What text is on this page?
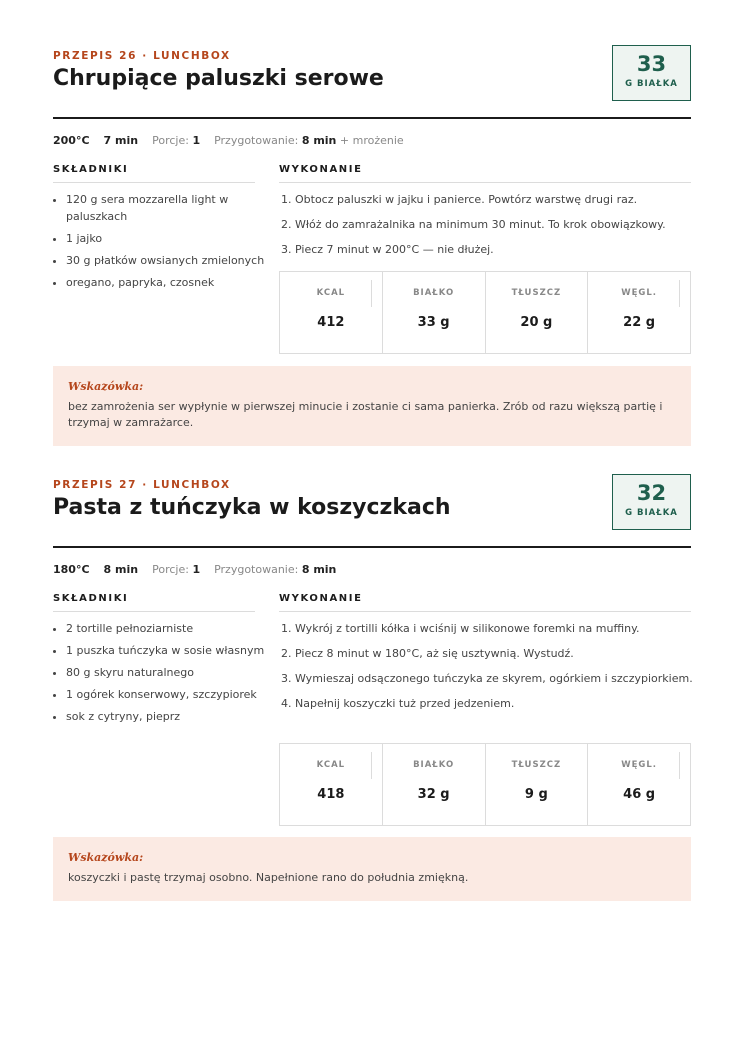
PRZEPIS 26 · LUNCHBOX
Chrupiące paluszki serowe
33
G BIAŁKA
200°C 7 min Porcje: 1 Przygotowanie: 8 min + mrożenie
SKŁADNIKI
• 120 g sera mozzarella light w paluszkach
• 1 jajko
• 30 g płatków owsianych zmielonych
• oregano, papryka, czosnek
WYKONANIE
1. Obtocz paluszki w jajku i panierce. Powtórz warstwę drugi raz.
2. Włóż do zamrażalnika na minimum 30 minut. To krok obowiązkowy.
3. Piecz 7 minut w 200°C — nie dłużej.
KCAL
412
BIAŁKO
33 g
TŁUSZCZ
20 g
WĘGL.
22 g
Wskazówka:
bez zamrożenia ser wypłynie w pierwszej minucie i zostanie ci sama panierka. Zrób od razu większą partię i trzymaj w zamrażarce.
PRZEPIS 27 · LUNCHBOX
Pasta z tuńczyka w koszyczkach
32
G BIAŁKA
180°C 8 min Porcje: 1 Przygotowanie: 8 min
SKŁADNIKI
• 2 tortille pełnoziarniste
• 1 puszka tuńczyka w sosie własnym
• 80 g skyru naturalnego
• 1 ogórek konserwowy, szczypiorek
• sok z cytryny, pieprz
WYKONANIE
1. Wykrój z tortilli kółka i wciśnij w silikonowe foremki na muffiny.
2. Piecz 8 minut w 180°C, aż się usztywnią. Wystudź.
3. Wymieszaj odsączonego tuńczyka ze skyrem, ogórkiem i szczypiorkiem.
4. Napełnij koszyczki tuż przed jedzeniem.
KCAL
418
BIAŁKO
32 g
TŁUSZCZ
9 g
WĘGL.
46 g
Wskazówka:
koszyczki i pastę trzymaj osobno. Napełnione rano do południa zmiękną.
